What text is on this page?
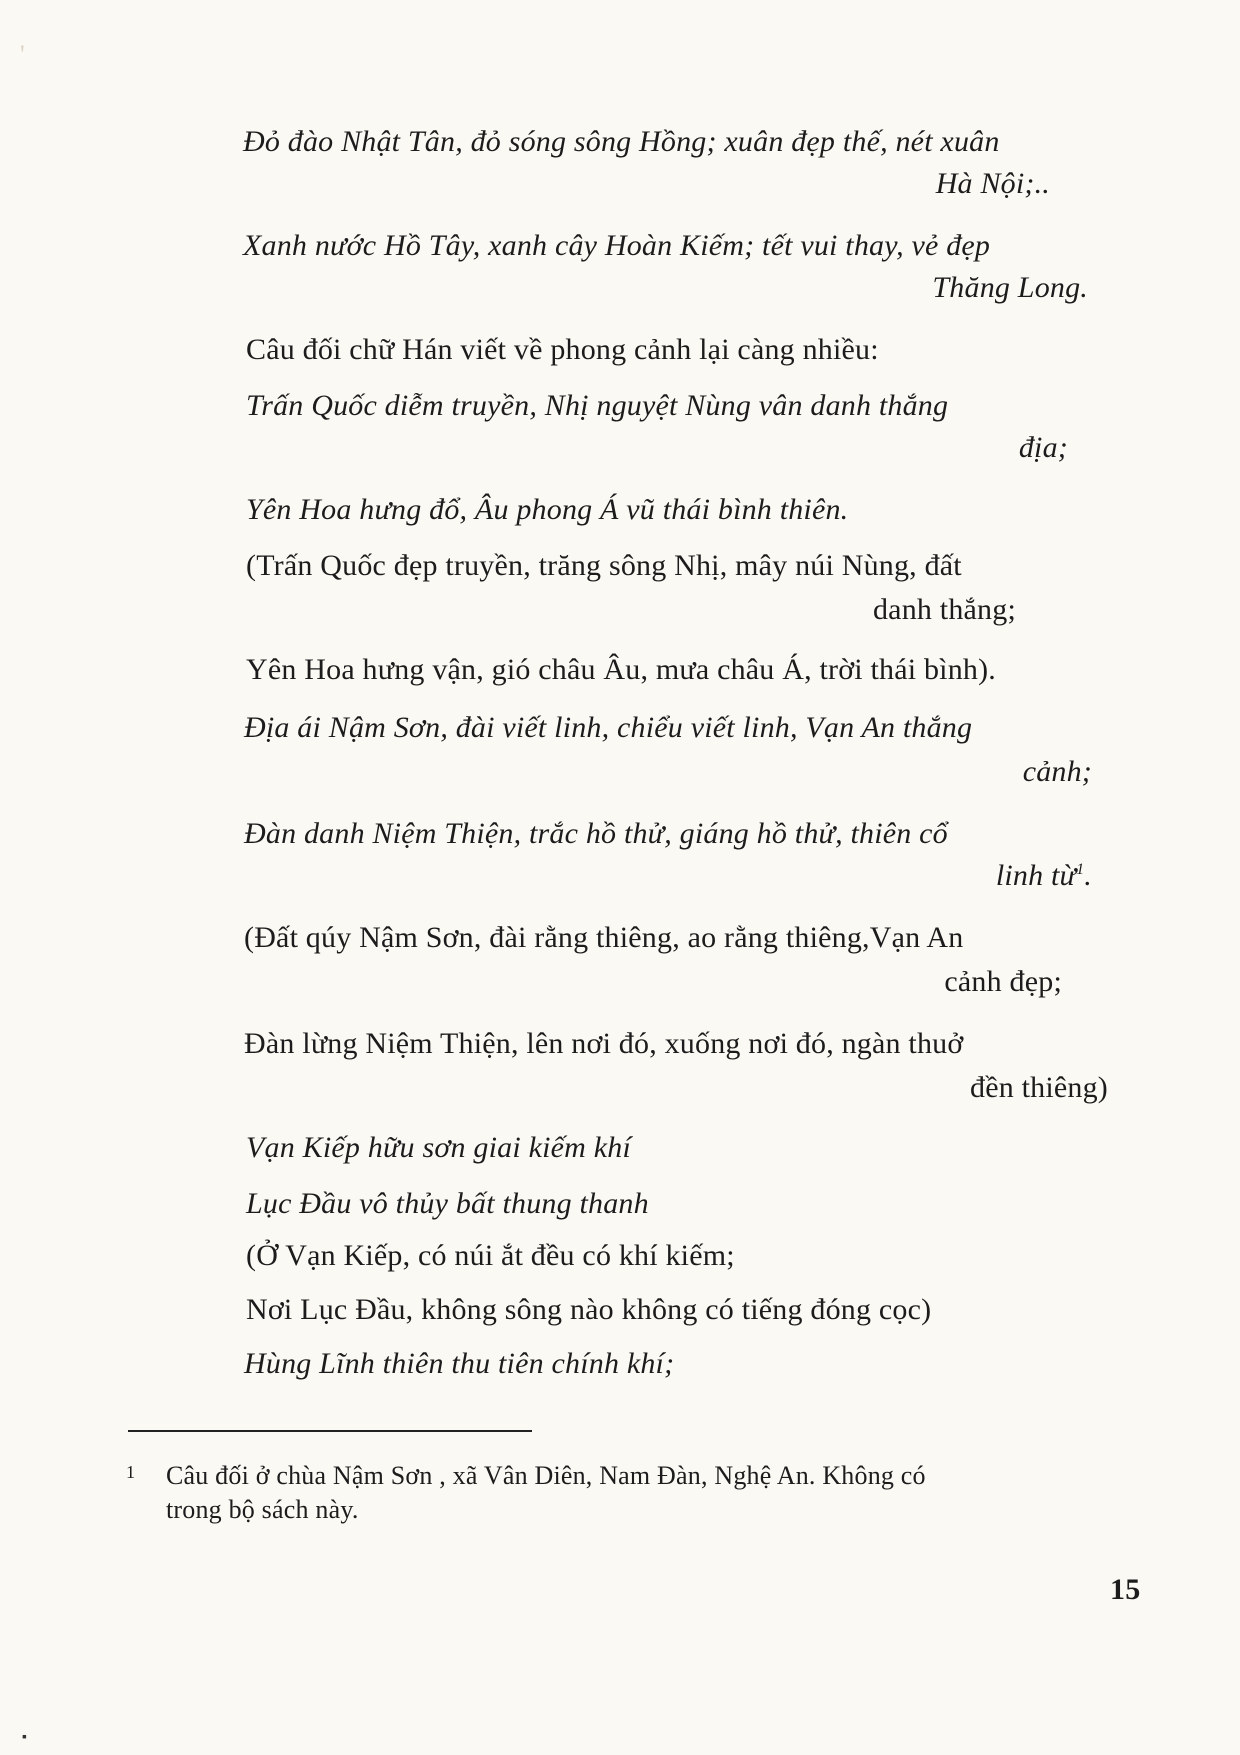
'
▪
Đỏ đào Nhật Tân, đỏ sóng sông Hồng; xuân đẹp thế, nét xuân
Hà Nội;..
Xanh nước Hồ Tây, xanh cây Hoàn Kiếm; tết vui thay, vẻ đẹp
Thăng Long.
Câu đối chữ Hán viết về phong cảnh lại càng nhiều:
Trấn Quốc diễm truyền, Nhị nguyệt Nùng vân danh thắng
địa;
Yên Hoa hưng đổ, Âu phong Á vũ thái bình thiên.
(Trấn Quốc đẹp truyền, trăng sông Nhị, mây núi Nùng, đất
danh thắng;
Yên Hoa hưng vận, gió châu Âu, mưa châu Á, trời thái bình).
Địa ái Nậm Sơn, đài viết linh, chiểu viết linh, Vạn An thắng
cảnh;
Đàn danh Niệm Thiện, trắc hồ thử, giáng hồ thử, thiên cổ
linh từ$^1$.
(Đất qúy Nậm Sơn, đài rằng thiêng, ao rằng thiêng,Vạn An
cảnh đẹp;
Đàn lừng Niệm Thiện, lên nơi đó, xuống nơi đó, ngàn thuở
đền thiêng)
Vạn Kiếp hữu sơn giai kiếm khí
Lục Đầu vô thủy bất thung thanh
(Ở Vạn Kiếp, có núi ắt đều có khí kiếm;
Nơi Lục Đầu, không sông nào không có tiếng đóng cọc)
Hùng Lĩnh thiên thu tiên chính khí;
1 Câu đối ở chùa Nậm Sơn , xã Vân Diên, Nam Đàn, Nghệ An. Không có
trong bộ sách này.
15
